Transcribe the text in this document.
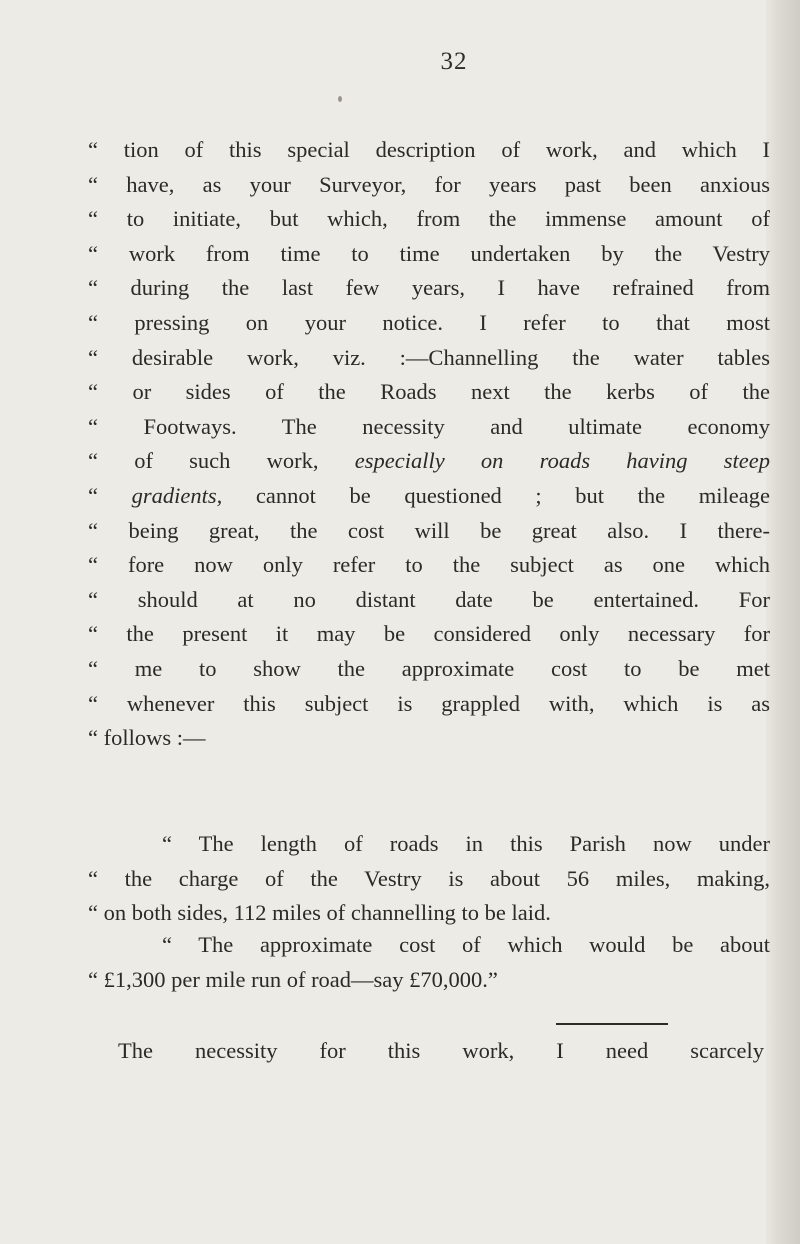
32
“ tion of this special description of work, and which I
“ have, as your Surveyor, for years past been anxious
“ to initiate, but which, from the immense amount of
“ work from time to time undertaken by the Vestry
“ during the last few years, I have refrained from
“ pressing on your notice. I refer to that most
“ desirable work, viz. :—Channelling the water tables
“ or sides of the Roads next the kerbs of the
“ Footways. The necessity and ultimate economy
“ of such work, especially on roads having steep
“ gradients, cannot be questioned ; but the mileage
“ being great, the cost will be great also. I there-
“ fore now only refer to the subject as one which
“ should at no distant date be entertained. For
“ the present it may be considered only necessary for
“ me to show the approximate cost to be met
“ whenever this subject is grappled with, which is as
“ follows :—
“ The length of roads in this Parish now under
“ the charge of the Vestry is about 56 miles, making,
“ on both sides, 112 miles of channelling to be laid.
“ The approximate cost of which would be about
“ £1,300 per mile run of road—say £70,000.”
The necessity for this work, I need scarcely
